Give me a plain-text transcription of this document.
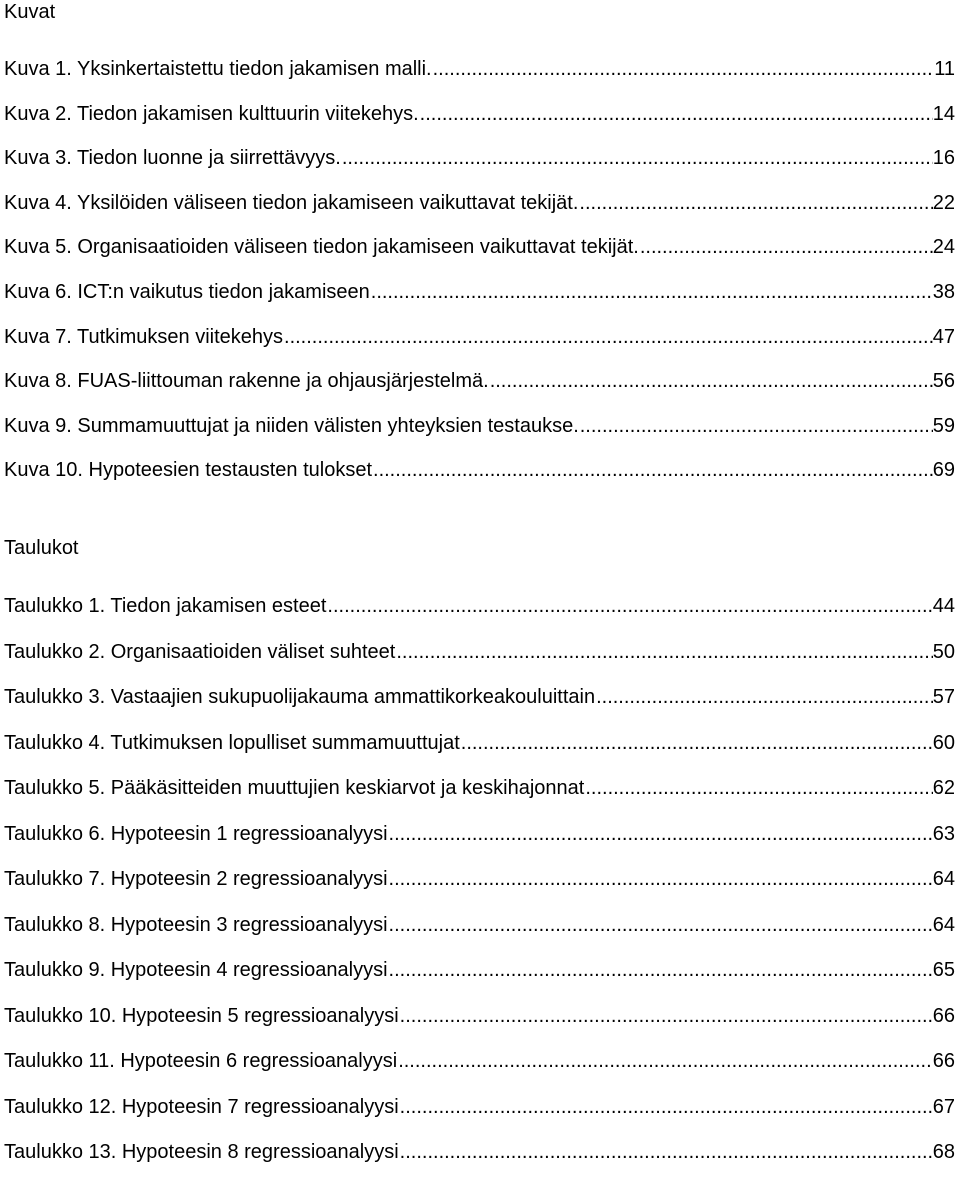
Kuvat
Kuva 1. Yksinkertaistettu tiedon jakamisen malli. .....	11
Kuva 2. Tiedon jakamisen kulttuurin viitekehys. .....	14
Kuva 3. Tiedon luonne ja siirrettävyys. .....	16
Kuva 4. Yksilöiden väliseen tiedon jakamiseen vaikuttavat tekijät. .....	22
Kuva 5. Organisaatioiden väliseen tiedon jakamiseen vaikuttavat tekijät. .....	24
Kuva 6. ICT:n vaikutus tiedon jakamiseen .....	38
Kuva 7. Tutkimuksen viitekehys .....	47
Kuva 8. FUAS-liittouman rakenne ja ohjausjärjestelmä. .....	56
Kuva 9. Summamuuttujat ja niiden välisten yhteyksien testaukse. .....	59
Kuva 10. Hypoteesien testausten tulokset .....	69
Taulukot
Taulukko 1. Tiedon jakamisen esteet .....	44
Taulukko 2. Organisaatioiden väliset suhteet .....	50
Taulukko 3. Vastaajien sukupuolijakauma ammattikorkeakouluittain .....	57
Taulukko 4. Tutkimuksen lopulliset summamuuttujat .....	60
Taulukko 5. Pääkäsitteiden muuttujien keskiarvot ja keskihajonnat .....	62
Taulukko 6. Hypoteesin 1 regressioanalyysi .....	63
Taulukko 7. Hypoteesin 2 regressioanalyysi .....	64
Taulukko 8. Hypoteesin 3 regressioanalyysi .....	64
Taulukko 9. Hypoteesin 4 regressioanalyysi .....	65
Taulukko 10. Hypoteesin 5 regressioanalyysi .....	66
Taulukko 11. Hypoteesin 6 regressioanalyysi .....	66
Taulukko 12. Hypoteesin 7 regressioanalyysi .....	67
Taulukko 13. Hypoteesin 8 regressioanalyysi .....	68
